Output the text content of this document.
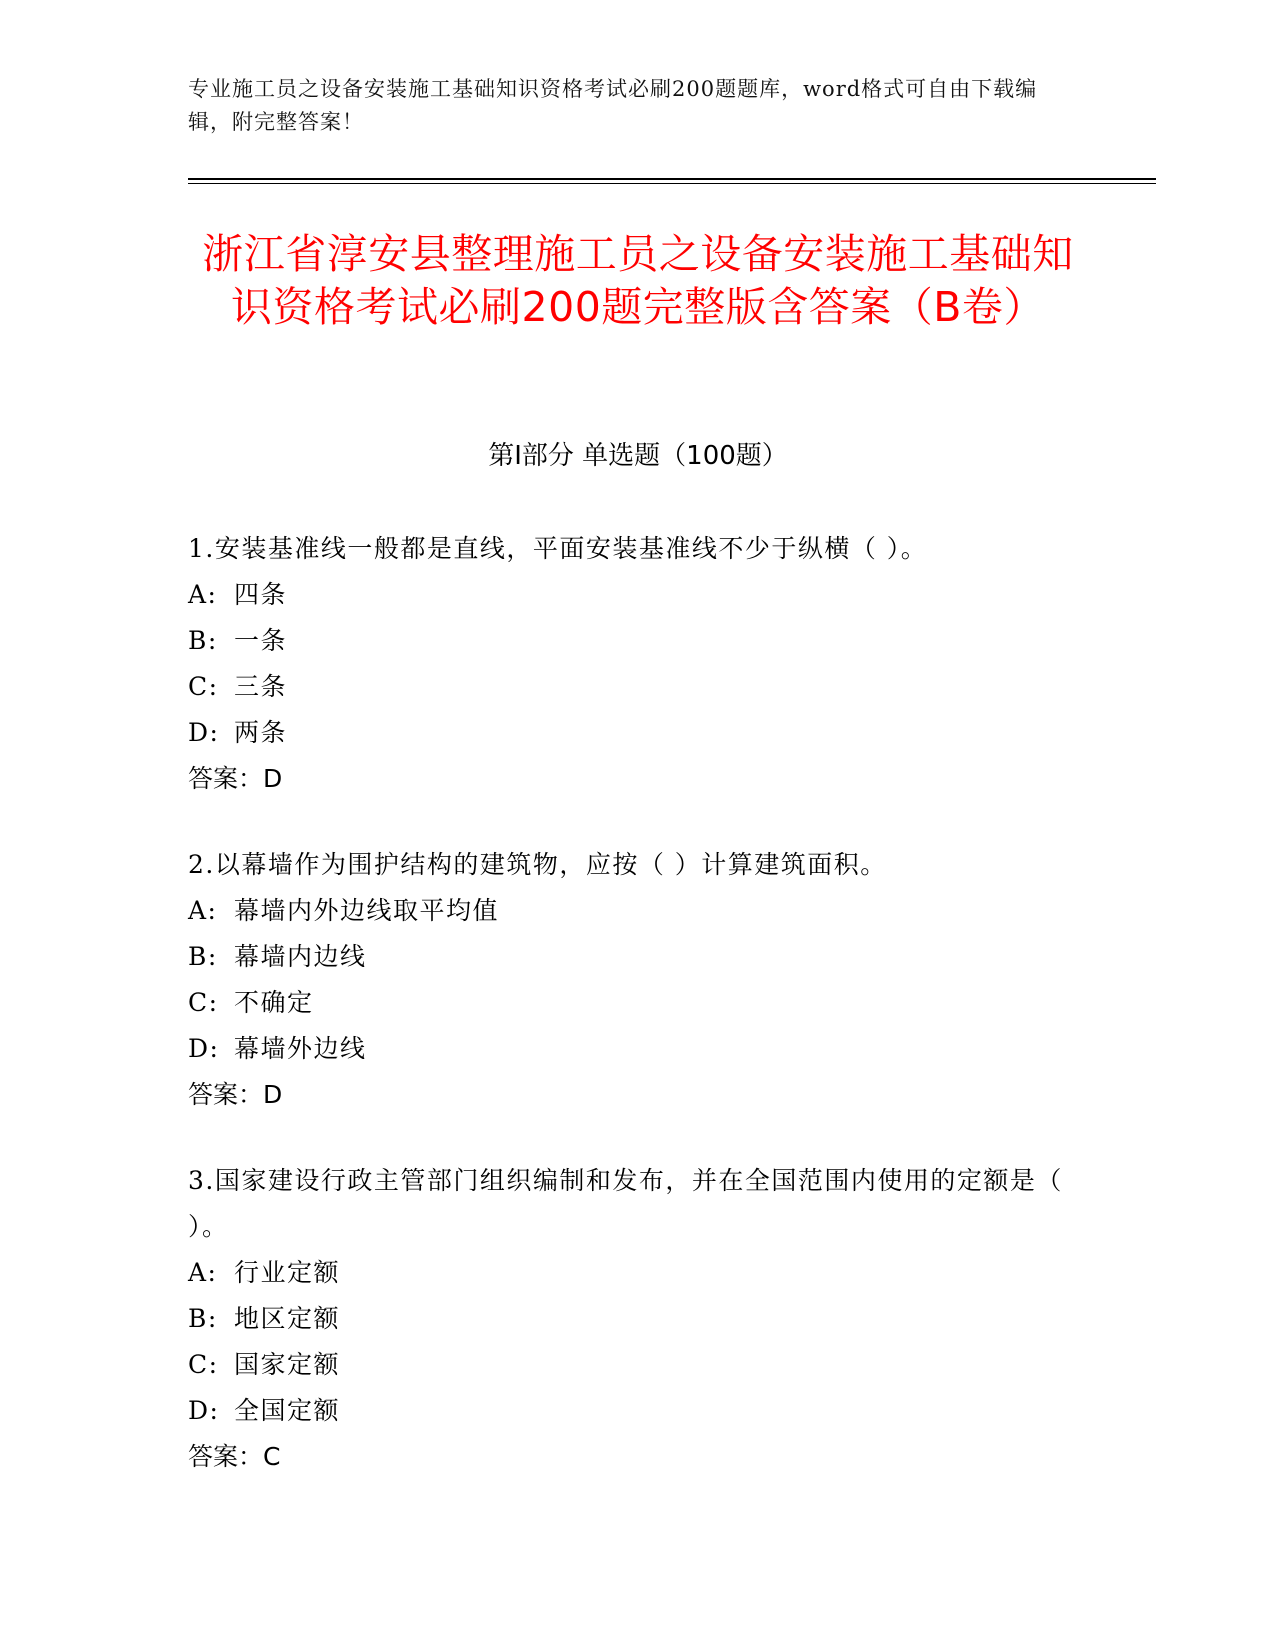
专业施工员之设备安装施工基础知识资格考试必刷200题题库，word格式可自由下载编辑，附完整答案！
浙江省淳安县整理施工员之设备安装施工基础知识资格考试必刷200题完整版含答案（B卷）
第Ⅰ部分 单选题（100题）

1.安装基准线一般都是直线，平面安装基准线不少于纵横（ ）。

A: 四条

B: 一条

C: 三条

D: 两条

答案：D

2.以幕墙作为围护结构的建筑物，应按（ ）计算建筑面积。

A: 幕墙内外边线取平均值

B: 幕墙内边线

C: 不确定

D: 幕墙外边线

答案：D

3.国家建设行政主管部门组织编制和发布，并在全国范围内使用的定额是（ ）。

A: 行业定额

B: 地区定额

C: 国家定额

D: 全国定额

答案：C
